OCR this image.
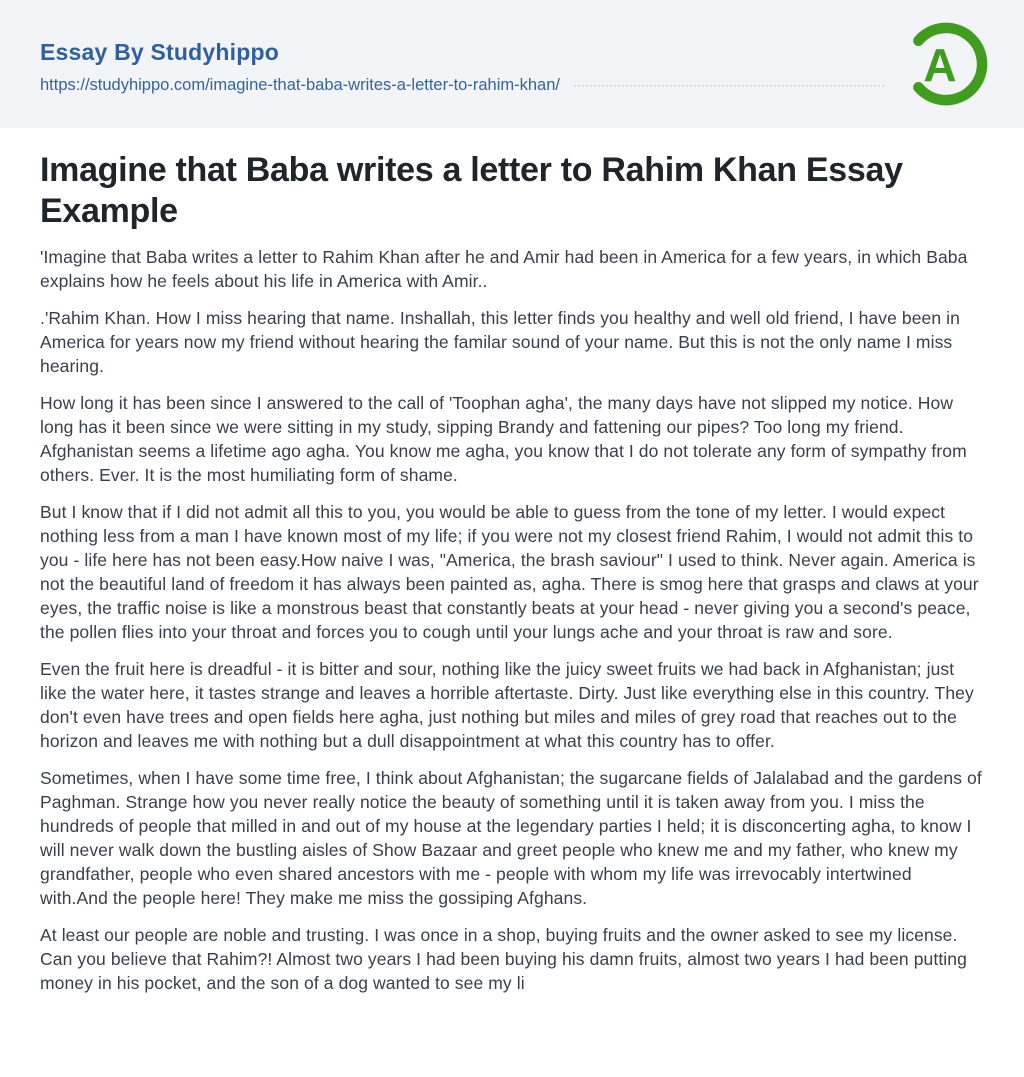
Essay By Studyhippo
https://studyhippo.com/imagine-that-baba-writes-a-letter-to-rahim-khan/	A
Imagine that Baba writes a letter to Rahim Khan Essay Example

'Imagine that Baba writes a letter to Rahim Khan after he and Amir had been in America for a few years, in which Baba explains how he feels about his life in America with Amir..

.'Rahim Khan. How I miss hearing that name. Inshallah, this letter finds you healthy and well old friend, I have been in America for years now my friend without hearing the familar sound of your name. But this is not the only name I miss hearing.

How long it has been since I answered to the call of 'Toophan agha', the many days have not slipped my notice. How long has it been since we were sitting in my study, sipping Brandy and fattening our pipes? Too long my friend. Afghanistan seems a lifetime ago agha. You know me agha, you know that I do not tolerate any form of sympathy from others. Ever. It is the most humiliating form of shame.

But I know that if I did not admit all this to you, you would be able to guess from the tone of my letter. I would expect nothing less from a man I have known most of my life; if you were not my closest friend Rahim, I would not admit this to you - life here has not been easy.How naive I was, "America, the brash saviour" I used to think. Never again. America is not the beautiful land of freedom it has always been painted as, agha. There is smog here that grasps and claws at your eyes, the traffic noise is like a monstrous beast that constantly beats at your head - never giving you a second's peace, the pollen flies into your throat and forces you to cough until your lungs ache and your throat is raw and sore.

Even the fruit here is dreadful - it is bitter and sour, nothing like the juicy sweet fruits we had back in Afghanistan; just like the water here, it tastes strange and leaves a horrible aftertaste. Dirty. Just like everything else in this country. They don't even have trees and open fields here agha, just nothing but miles and miles of grey road that reaches out to the horizon and leaves me with nothing but a dull disappointment at what this country has to offer.

Sometimes, when I have some time free, I think about Afghanistan; the sugarcane fields of Jalalabad and the gardens of Paghman. Strange how you never really notice the beauty of something until it is taken away from you. I miss the hundreds of people that milled in and out of my house at the legendary parties I held; it is disconcerting agha, to know I will never walk down the bustling aisles of Show Bazaar and greet people who knew me and my father, who knew my grandfather, people who even shared ancestors with me - people with whom my life was irrevocably intertwined with.And the people here! They make me miss the gossiping Afghans.

At least our people are noble and trusting. I was once in a shop, buying fruits and the owner asked to see my license. Can you believe that Rahim?! Almost two years I had been buying his damn fruits, almost two years I had been putting money in his pocket, and the son of a dog wanted to see my li
